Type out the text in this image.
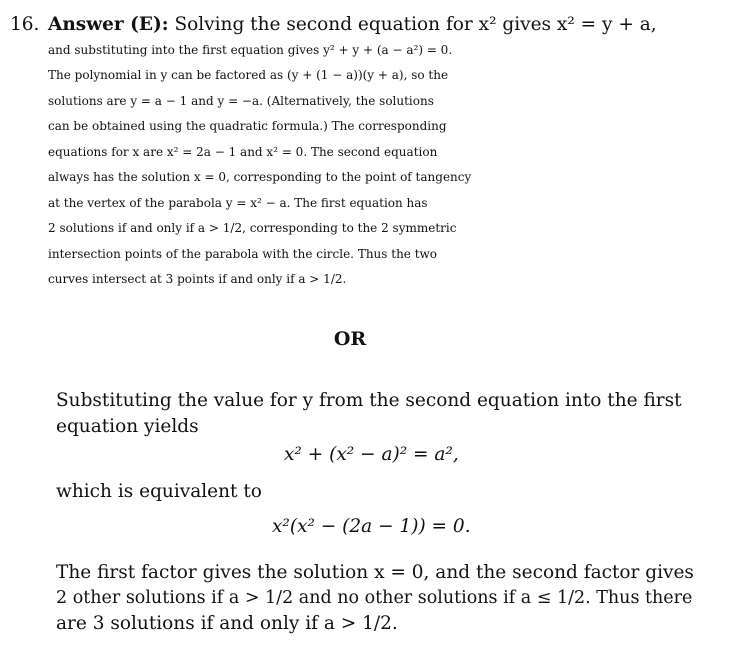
16. Answer (E): Solving the second equation for x² gives x² = y + a,
and substituting into the first equation gives y² + y + (a − a²) = 0.
The polynomial in y can be factored as (y + (1 − a))(y + a), so the
solutions are y = a − 1 and y = −a. (Alternatively, the solutions
can be obtained using the quadratic formula.) The corresponding
equations for x are x² = 2a − 1 and x² = 0. The second equation
always has the solution x = 0, corresponding to the point of tangency
at the vertex of the parabola y = x² − a. The first equation has
2 solutions if and only if a > 1/2, corresponding to the 2 symmetric
intersection points of the parabola with the circle. Thus the two
curves intersect at 3 points if and only if a > 1/2.
OR
Substituting the value for y from the second equation into the first
equation yields
x² + (x² − a)² = a²,
which is equivalent to
x²(x² − (2a − 1)) = 0.
The first factor gives the solution x = 0, and the second factor gives
2 other solutions if a > 1/2 and no other solutions if a ≤ 1/2. Thus there
are 3 solutions if and only if a > 1/2.
